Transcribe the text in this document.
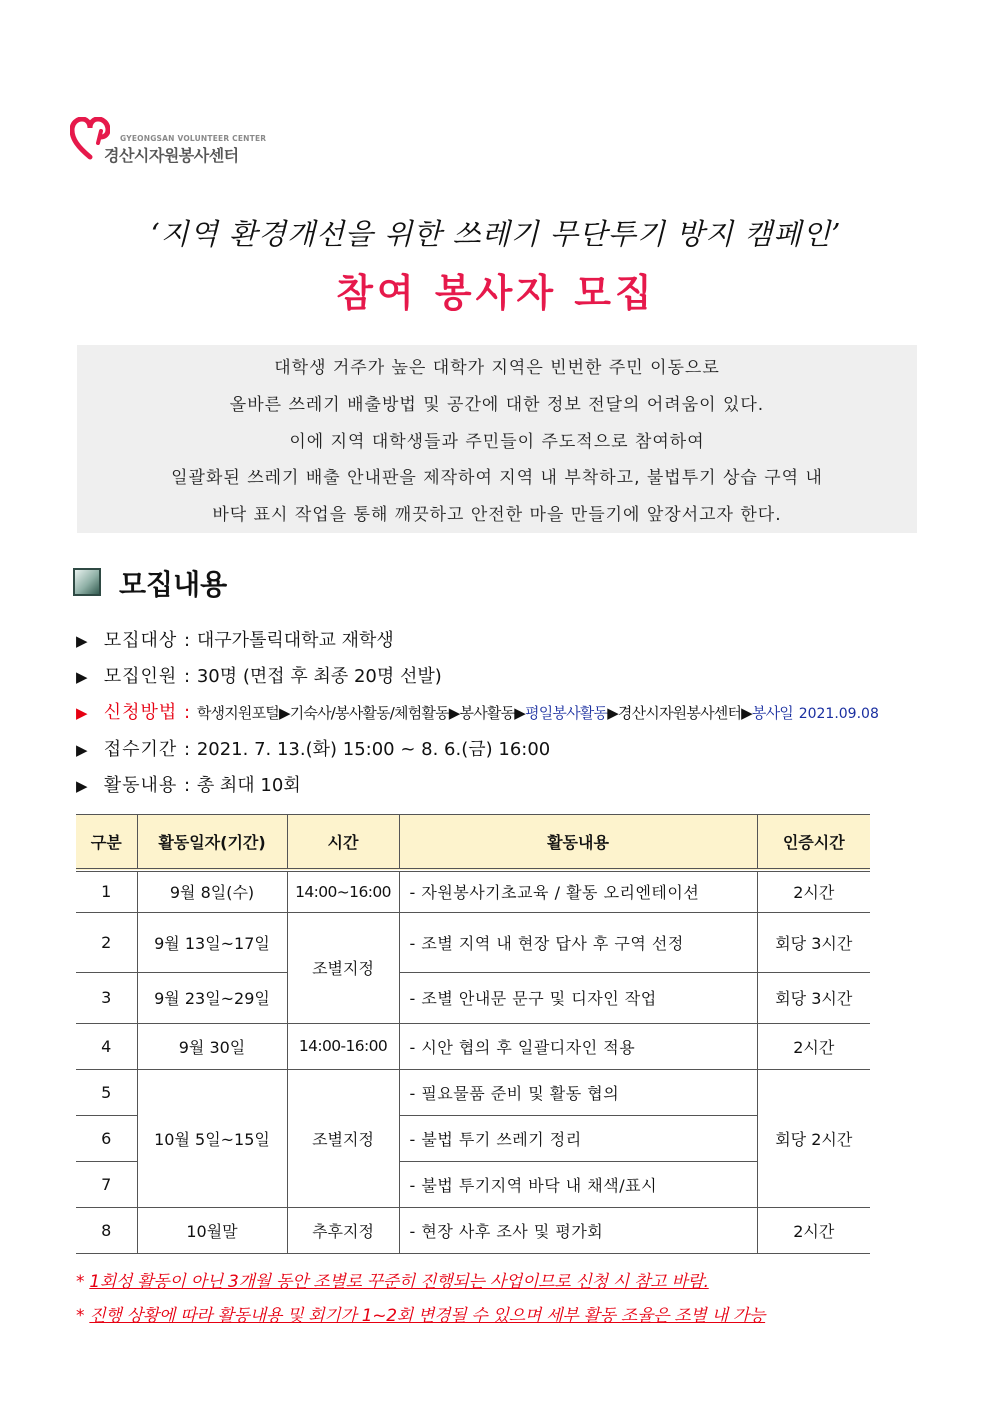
GYEONGSAN VOLUNTEER CENTER
경산시자원봉사센터
‘지역 환경개선을 위한 쓰레기 무단투기 방지 캠페인’
참여 봉사자 모집

대학생 거주가 높은 대학가 지역은 빈번한 주민 이동으로

올바른 쓰레기 배출방법 및 공간에 대한 정보 전달의 어려움이 있다.

이에 지역 대학생들과 주민들이 주도적으로 참여하여

일괄화된 쓰레기 배출 안내판을 제작하여 지역 내 부착하고, 불법투기 상습 구역 내

바닥 표시 작업을 통해 깨끗하고 안전한 마을 만들기에 앞장서고자 한다.

모집내용
▶ 모집대상 : 대구가톨릭대학교 재학생
▶ 모집인원 : 30명 (면접 후 최종 20명 선발)
▶ 신청방법 : 학생지원포털▶기숙사/봉사활동/체험활동▶봉사활동▶평일봉사활동▶경산시자원봉사센터▶봉사일 2021.09.08
▶ 접수기간 : 2021. 7. 13.(화) 15:00 ~ 8. 6.(금) 16:00
▶ 활동내용 : 총 최대 10회
구분	활동일자(기간)	시간	활동내용	인증시간
1	9월 8일(수)	14:00~16:00	- 자원봉사기초교육 / 활동 오리엔테이션	2시간
2	9월 13일~17일	조별지정	- 조별 지역 내 현장 답사 후 구역 선정	회당 3시간
3	9월 23일~29일		- 조별 안내문 문구 및 디자인 작업	회당 3시간
4	9월 30일	14:00-16:00	- 시안 협의 후 일괄디자인 적용	2시간
5	10월 5일~15일	조별지정	- 필요물품 준비 및 활동 협의	회당 2시간
6			- 불법 투기 쓰레기 정리	
7			- 불법 투기지역 바닥 내 채색/표시	
8	10월말	추후지정	- 현장 사후 조사 및 평가회	2시간
* 1회성 활동이 아닌 3개월 동안 조별로 꾸준히 진행되는 사업이므로 신청 시 참고 바람.
* 진행 상황에 따라 활동내용 및 회기가 1~2회 변경될 수 있으며 세부 활동 조율은 조별 내 가능
